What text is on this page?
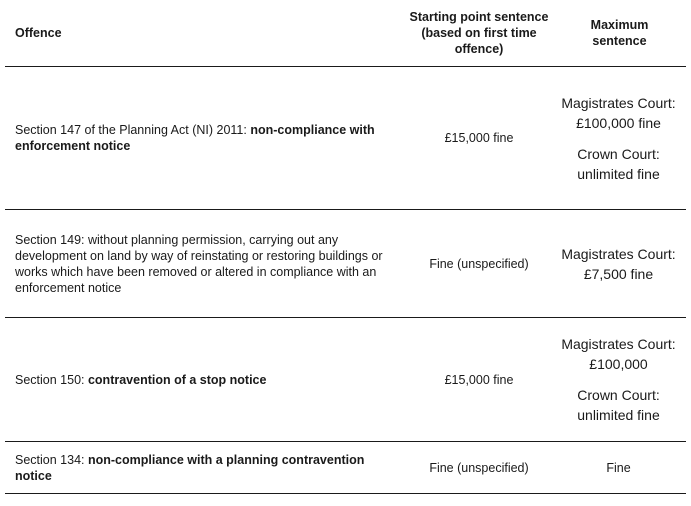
Offence
Starting point sentence (based on first time offence)
Maximum sentence
Section 147 of the Planning Act (NI) 2011: non-compliance with enforcement notice
£15,000 fine
Magistrates Court: £100,000 fine
Crown Court: unlimited fine
Section 149: without planning permission, carrying out any development on land by way of reinstating or restoring buildings or works which have been removed or altered in compliance with an enforcement notice
Fine (unspecified)
Magistrates Court: £7,500 fine
Section 150: contravention of a stop notice	£15,000 fine
Magistrates Court: £100,000
Crown Court: unlimited fine
Section 134: non-compliance with a planning contravention notice
Fine (unspecified)	Fine
